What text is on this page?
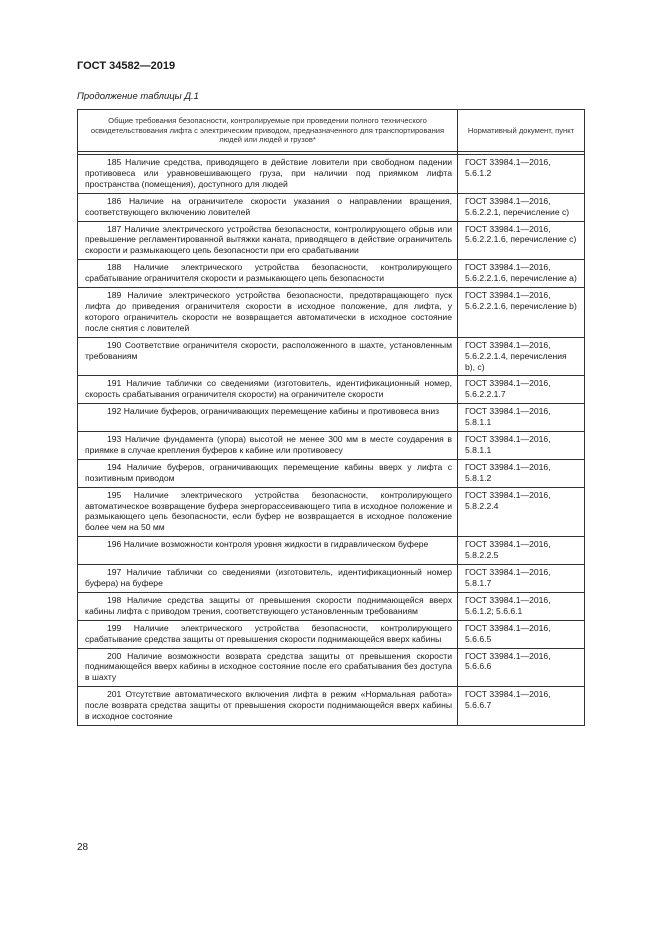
ГОСТ 34582—2019
Продолжение таблицы Д.1
Общие требования безопасности, контролируемые при проведении полного технического освидетельствования лифта с электрическим приводом, предназначенного для транспортирования людей или людей и грузов*	Нормативный документ, пункт

185 Наличие средства, приводящего в действие ловители при свободном падении противовеса или уравновешивающего груза, при наличии под приямком лифта пространства (помещения), доступного для людей	ГОСТ 33984.1—2016, 5.6.1.2
186 Наличие на ограничителе скорости указания о направлении вращения, соответствующего включению ловителей	ГОСТ 33984.1—2016, 5.6.2.2.1, перечисление c)
187 Наличие электрического устройства безопасности, контролирующего обрыв или превышение регламентированной вытяжки каната, приводящего в действие ограничитель скорости и размыкающего цепь безопасности при его срабатывании	ГОСТ 33984.1—2016, 5.6.2.2.1.6, перечисление c)
188 Наличие электрического устройства безопасности, контролирующего срабатывание ограничителя скорости и размыкающего цепь безопасности	ГОСТ 33984.1—2016, 5.6.2.2.1.6, перечисление a)
189 Наличие электрического устройства безопасности, предотвращающего пуск лифта до приведения ограничителя скорости в исходное положение, для лифта, у которого ограничитель скорости не возвращается автоматически в исходное состояние после снятия с ловителей	ГОСТ 33984.1—2016, 5.6.2.2.1.6, перечисление b)
190 Соответствие ограничителя скорости, расположенного в шахте, установленным требованиям	ГОСТ 33984.1—2016, 5.6.2.2.1.4, перечисления b), c)
191 Наличие таблички со сведениями (изготовитель, идентификационный номер, скорость срабатывания ограничителя скорости) на ограничителе скорости	ГОСТ 33984.1—2016, 5.6.2.2.1.7
192 Наличие буферов, ограничивающих перемещение кабины и противовеса вниз	ГОСТ 33984.1—2016, 5.8.1.1
193 Наличие фундамента (упора) высотой не менее 300 мм в месте соударения в приямке в случае крепления буферов к кабине или противовесу	ГОСТ 33984.1—2016, 5.8.1.1
194 Наличие буферов, ограничивающих перемещение кабины вверх у лифта с позитивным приводом	ГОСТ 33984.1—2016, 5.8.1.2
195 Наличие электрического устройства безопасности, контролирующего автоматическое возвращение буфера энергорассеивающего типа в исходное положение и размыкающего цепь безопасности, если буфер не возвращается в исходное положение более чем на 50 мм	ГОСТ 33984.1—2016, 5.8.2.2.4
196 Наличие возможности контроля уровня жидкости в гидравлическом буфере	ГОСТ 33984.1—2016, 5.8.2.2.5
197 Наличие таблички со сведениями (изготовитель, идентификационный номер буфера) на буфере	ГОСТ 33984.1—2016, 5.8.1.7
198 Наличие средства защиты от превышения скорости поднимающейся вверх кабины лифта с приводом трения, соответствующего установленным требованиям	ГОСТ 33984.1—2016, 5.6.1.2; 5.6.6.1
199 Наличие электрического устройства безопасности, контролирующего срабатывание средства защиты от превышения скорости поднимающейся вверх кабины	ГОСТ 33984.1—2016, 5.6.6.5
200 Наличие возможности возврата средства защиты от превышения скорости поднимающейся вверх кабины в исходное состояние после его срабатывания без доступа в шахту	ГОСТ 33984.1—2016, 5.6.6.6
201 Отсутствие автоматического включения лифта в режим «Нормальная работа» после возврата средства защиты от превышения скорости поднимающейся вверх кабины в исходное состояние	ГОСТ 33984.1—2016, 5.6.6.7
28
